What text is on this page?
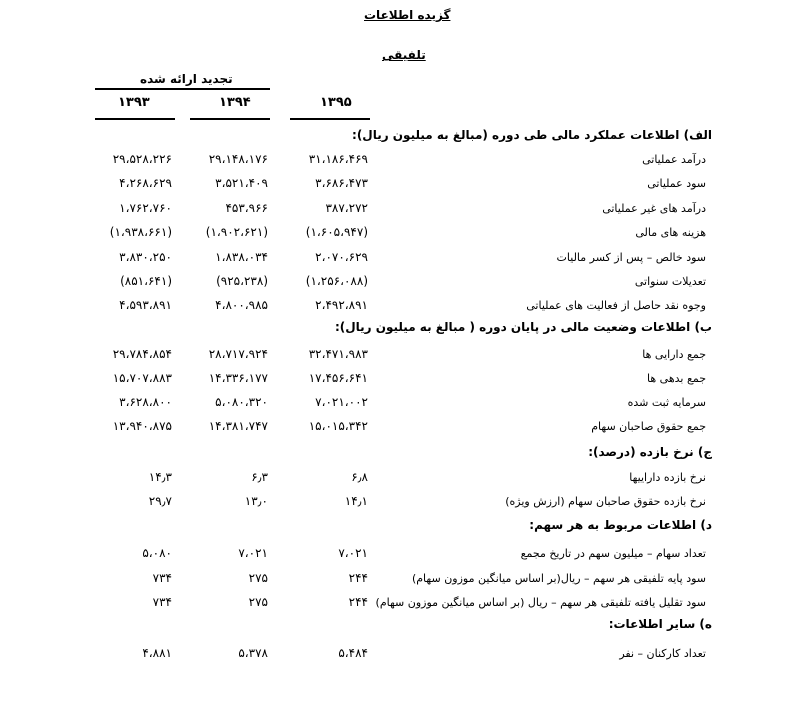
گزیده اطلاعات
تلفیقی
تجدید ارائه شده
۱۳۹۵
۱۳۹۴
۱۳۹۳
الف) اطلاعات عملکرد مالی طی دوره (مبالغ به میلیون ریال):
درآمد عملیاتی
۳۱،۱۸۶،۴۶۹
۲۹،۱۴۸،۱۷۶
۲۹،۵۲۸،۲۲۶
سود عملیاتی
۳،۶۸۶،۴۷۳
۳،۵۲۱،۴۰۹
۴،۲۶۸،۶۲۹
درآمد های غیر عملیاتی
۳۸۷،۲۷۲
۴۵۳،۹۶۶
۱،۷۶۲،۷۶۰
هزینه های مالی
(۱،۶۰۵،۹۴۷)
(۱،۹۰۲،۶۲۱)
(۱،۹۳۸،۶۶۱)
سود خالص – پس از کسر مالیات
۲،۰۷۰،۶۲۹
۱،۸۳۸،۰۳۴
۳،۸۳۰،۲۵۰
تعدیلات سنواتی
(۱،۲۵۶،۰۸۸)
(۹۲۵،۲۳۸)
(۸۵۱،۶۴۱)
وجوه نقد حاصل از فعالیت های عملیاتی
۲،۴۹۲،۸۹۱
۴،۸۰۰،۹۸۵
۴،۵۹۳،۸۹۱
ب) اطلاعات وضعیت مالی در پایان دوره ( مبالغ به میلیون ریال):
جمع دارایی ها
۳۲،۴۷۱،۹۸۳
۲۸،۷۱۷،۹۲۴
۲۹،۷۸۴،۸۵۴
جمع بدهی ها
۱۷،۴۵۶،۶۴۱
۱۴،۳۳۶،۱۷۷
۱۵،۷۰۷،۸۸۳
سرمایه ثبت شده
۷،۰۲۱،۰۰۲
۵،۰۸۰،۳۲۰
۳،۶۲۸،۸۰۰
جمع حقوق صاحبان سهام
۱۵،۰۱۵،۳۴۲
۱۴،۳۸۱،۷۴۷
۱۳،۹۴۰،۸۷۵
ج) نرخ بازده (درصد):
نرخ بازده داراییها
۶٫۸
۶٫۳
۱۴٫۳
نرخ بازده حقوق صاحبان سهام (ارزش ویژه)
۱۴٫۱
۱۳٫۰
۲۹٫۷
د) اطلاعات مربوط به هر سهم:
تعداد سهام – میلیون سهم در تاریخ مجمع
۷،۰۲۱
۷،۰۲۱
۵،۰۸۰
سود پایه تلفیقی هر سهم – ریال(بر اساس میانگین موزون سهام)
۲۴۴
۲۷۵
۷۳۴
سود تقلیل یافته تلفیقی هر سهم – ریال (بر اساس میانگین موزون سهام)
۲۴۴
۲۷۵
۷۳۴
ه) سایر اطلاعات:
تعداد کارکنان – نفر
۵،۴۸۴
۵،۳۷۸
۴،۸۸۱
